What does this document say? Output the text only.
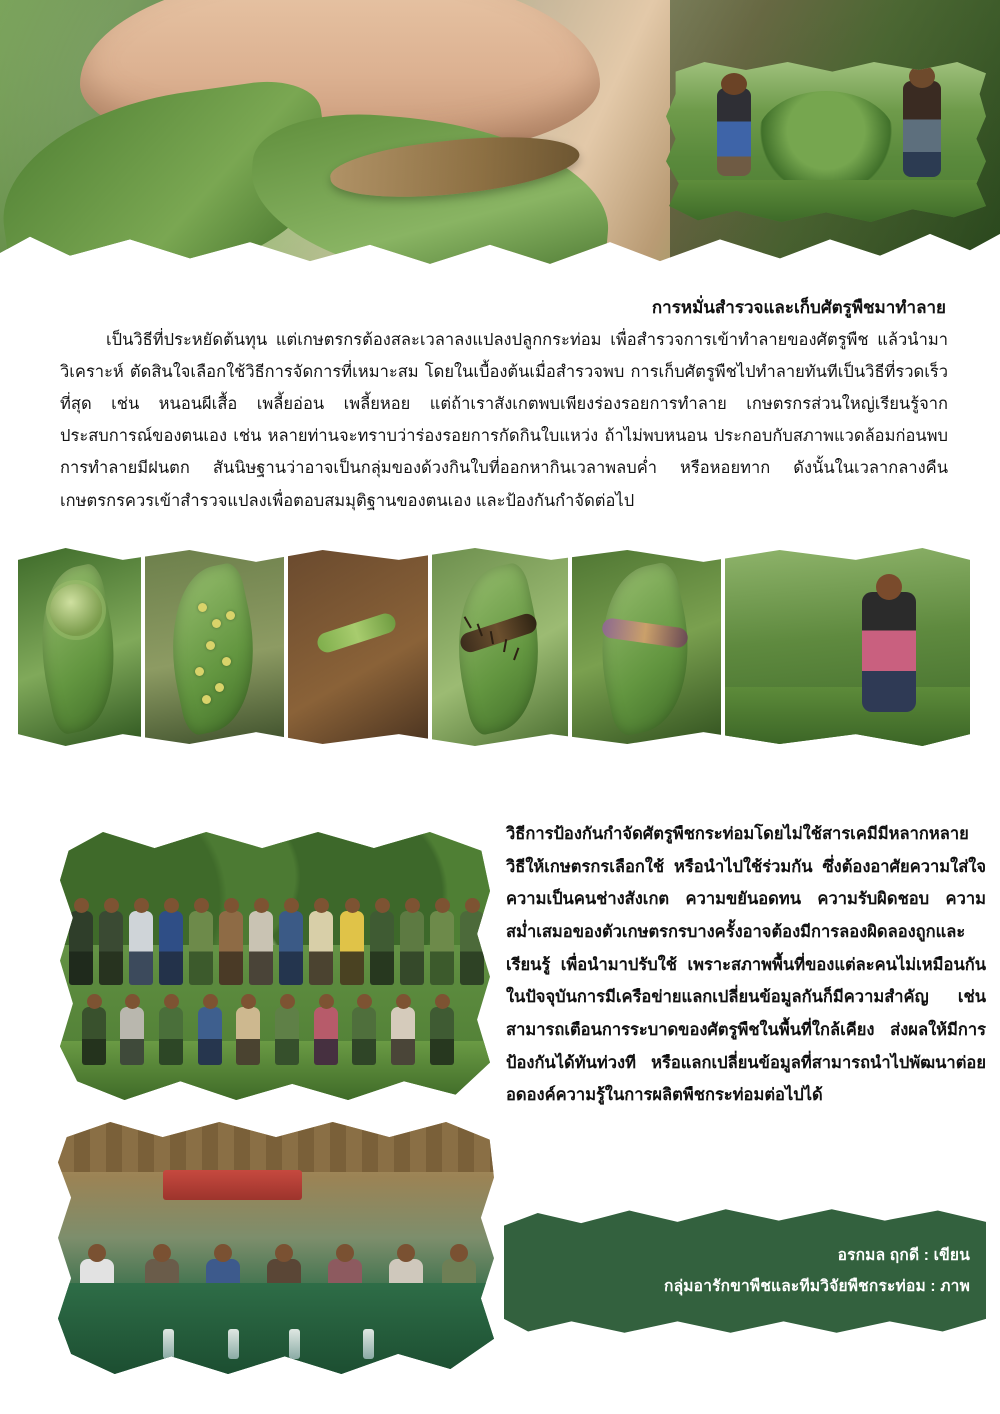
การหมั่นสำรวจและเก็บศัตรูพืชมาทำลาย

เป็นวิธีที่ประหยัดต้นทุน แต่เกษตรกรต้องสละเวลาลงแปลงปลูกกระท่อม เพื่อสำรวจการเข้าทำลายของศัตรูพืช แล้วนำมาวิเคราะห์ ตัดสินใจเลือกใช้วิธีการจัดการที่เหมาะสม โดยในเบื้องต้นเมื่อสำรวจพบ การเก็บศัตรูพืชไปทำลายทันทีเป็นวิธีที่รวดเร็วที่สุด เช่น หนอนผีเสื้อ เพลี้ยอ่อน เพลี้ยหอย แต่ถ้าเราสังเกตพบเพียงร่องรอยการทำลาย เกษตรกรส่วนใหญ่เรียนรู้จากประสบการณ์ของตนเอง เช่น หลายท่านจะทราบว่าร่องรอยการกัดกินใบแหว่ง ถ้าไม่พบหนอน ประกอบกับสภาพแวดล้อมก่อนพบการทำลายมีฝนตก สันนิษฐานว่าอาจเป็นกลุ่มของด้วงกินใบที่ออกหากินเวลาพลบค่ำ หรือหอยทาก ดังนั้นในเวลากลางคืน เกษตรกรควรเข้าสำรวจแปลงเพื่อตอบสมมุติฐานของตนเอง และป้องกันกำจัดต่อไป

วิธีการป้องกันกำจัดศัตรูพืชกระท่อมโดยไม่ใช้สารเคมีมีหลากหลายวิธีให้เกษตรกรเลือกใช้ หรือนำไปใช้ร่วมกัน ซึ่งต้องอาศัยความใส่ใจ ความเป็นคนช่างสังเกต ความขยันอดทน ความรับผิดชอบ ความสม่ำเสมอของตัวเกษตรกรบางครั้งอาจต้องมีการลองผิดลองถูกและเรียนรู้ เพื่อนำมาปรับใช้ เพราะสภาพพื้นที่ของแต่ละคนไม่เหมือนกัน ในปัจจุบันการมีเครือข่ายแลกเปลี่ยนข้อมูลกันก็มีความสำคัญ เช่น สามารถเตือนการระบาดของศัตรูพืชในพื้นที่ใกล้เคียง ส่งผลให้มีการป้องกันได้ทันท่วงที หรือแลกเปลี่ยนข้อมูลที่สามารถนำไปพัฒนาต่อยอดองค์ความรู้ในการผลิตพืชกระท่อมต่อไปได้

อรกมล ฤกดี : เขียน
กลุ่มอารักขาพืชและทีมวิจัยพืชกระท่อม : ภาพ
